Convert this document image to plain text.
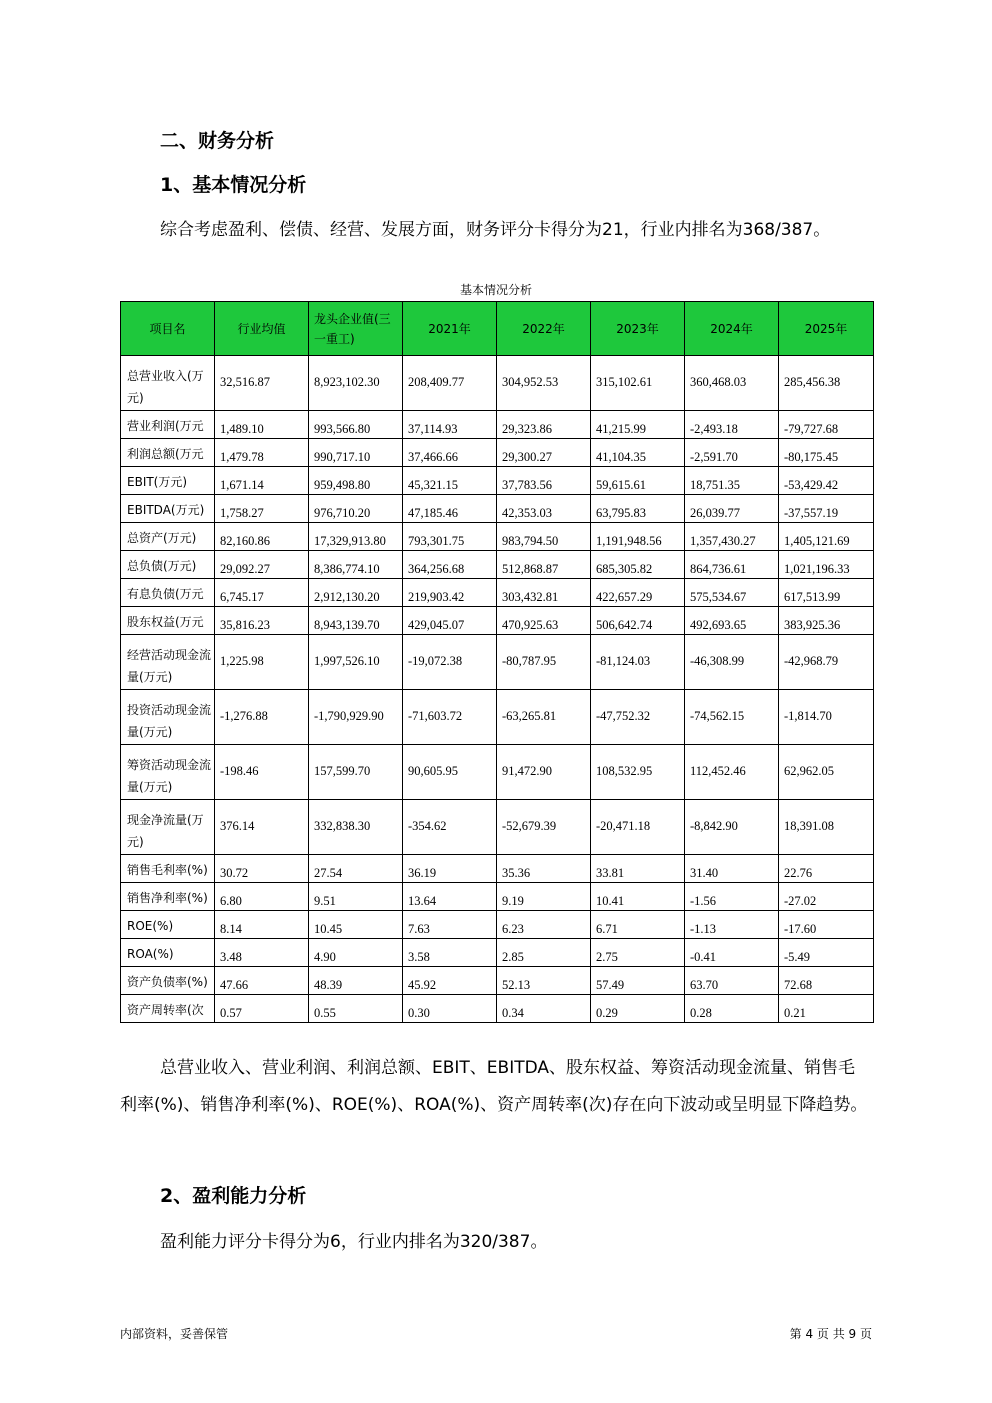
二、财务分析
1、基本情况分析

综合考虑盈利、偿债、经营、发展方面，财务评分卡得分为21，行业内排名为368/387。

基本情况分析
项目名	行业均值	龙头企业值(三一重工)	2021年	2022年	2023年	2024年	2025年
总营业收入(万元)	32,516.87	8,923,102.30	208,409.77	304,952.53	315,102.61	360,468.03	285,456.38
营业利润(万元	1,489.10	993,566.80	37,114.93	29,323.86	41,215.99	-2,493.18	-79,727.68
利润总额(万元	1,479.78	990,717.10	37,466.66	29,300.27	41,104.35	-2,591.70	-80,175.45
EBIT(万元)	1,671.14	959,498.80	45,321.15	37,783.56	59,615.61	18,751.35	-53,429.42
EBITDA(万元)	1,758.27	976,710.20	47,185.46	42,353.03	63,795.83	26,039.77	-37,557.19
总资产(万元)	82,160.86	17,329,913.80	793,301.75	983,794.50	1,191,948.56	1,357,430.27	1,405,121.69
总负债(万元)	29,092.27	8,386,774.10	364,256.68	512,868.87	685,305.82	864,736.61	1,021,196.33
有息负债(万元	6,745.17	2,912,130.20	219,903.42	303,432.81	422,657.29	575,534.67	617,513.99
股东权益(万元	35,816.23	8,943,139.70	429,045.07	470,925.63	506,642.74	492,693.65	383,925.36
经营活动现金流量(万元)	1,225.98	1,997,526.10	-19,072.38	-80,787.95	-81,124.03	-46,308.99	-42,968.79
投资活动现金流量(万元)	-1,276.88	-1,790,929.90	-71,603.72	-63,265.81	-47,752.32	-74,562.15	-1,814.70
筹资活动现金流量(万元)	-198.46	157,599.70	90,605.95	91,472.90	108,532.95	112,452.46	62,962.05
现金净流量(万元)	376.14	332,838.30	-354.62	-52,679.39	-20,471.18	-8,842.90	18,391.08
销售毛利率(%)	30.72	27.54	36.19	35.36	33.81	31.40	22.76
销售净利率(%)	6.80	9.51	13.64	9.19	10.41	-1.56	-27.02
ROE(%)	8.14	10.45	7.63	6.23	6.71	-1.13	-17.60
ROA(%)	3.48	4.90	3.58	2.85	2.75	-0.41	-5.49
资产负债率(%)	47.66	48.39	45.92	52.13	57.49	63.70	72.68
资产周转率(次	0.57	0.55	0.30	0.34	0.29	0.28	0.21

总营业收入、营业利润、利润总额、EBIT、EBITDA、股东权益、筹资活动现金流量、销售毛利率(%)、销售净利率(%)、ROE(%)、ROA(%)、资产周转率(次)存在向下波动或呈明显下降趋势。

2、盈利能力分析

盈利能力评分卡得分为6，行业内排名为320/387。

内部资料，妥善保管	第 4 页 共 9 页
